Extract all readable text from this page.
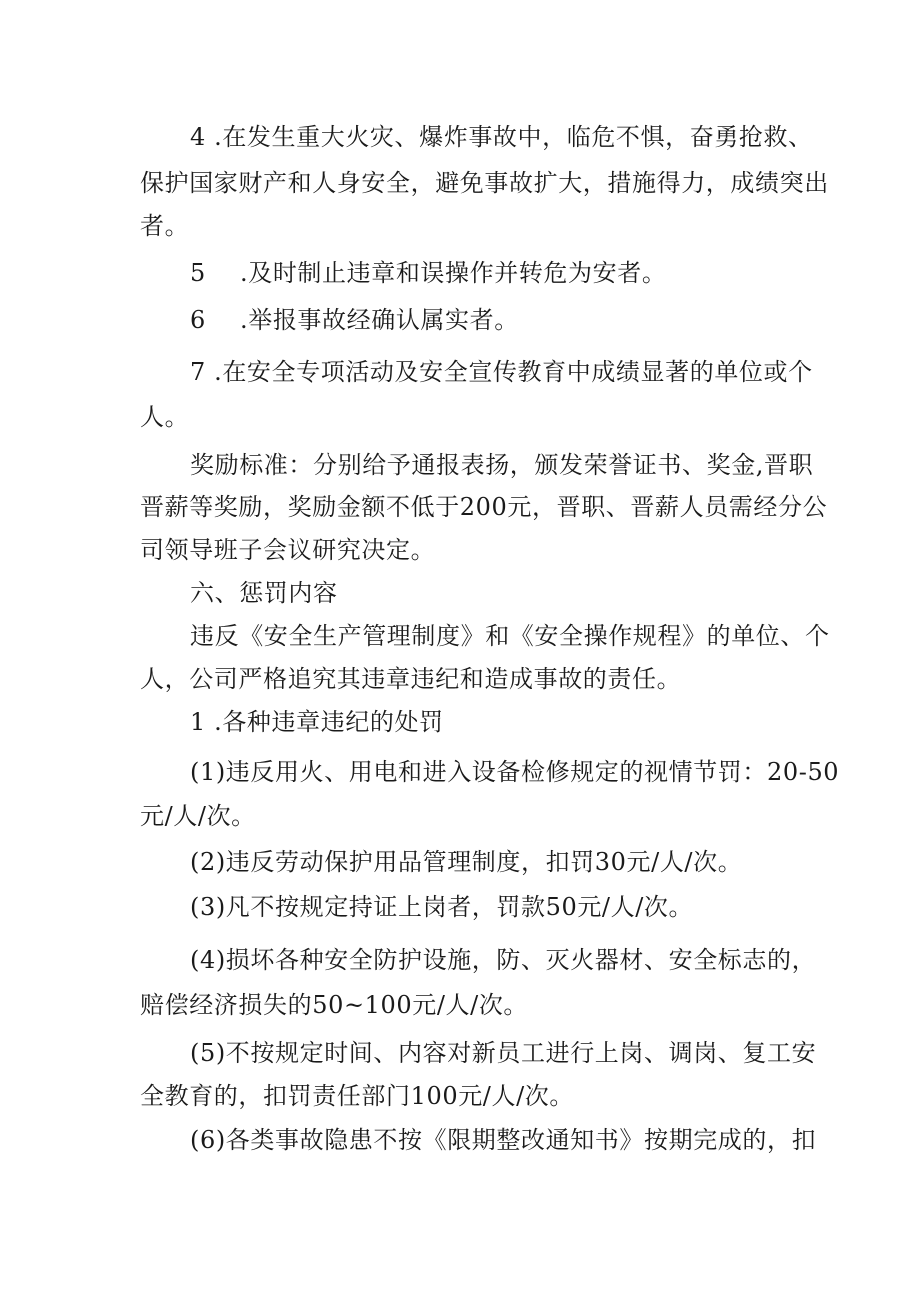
4 .在发生重大火灾、爆炸事故中，临危不惧，奋勇抢救、
保护国家财产和人身安全，避免事故扩大，措施得力，成绩突出
者。
5 .及时制止违章和误操作并转危为安者。
6 .举报事故经确认属实者。
7 .在安全专项活动及安全宣传教育中成绩显著的单位或个
人。
奖励标准：分别给予通报表扬，颁发荣誉证书、奖金,晋职
晋薪等奖励，奖励金额不低于200元，晋职、晋薪人员需经分公
司领导班子会议研究决定。
六、惩罚内容
违反《安全生产管理制度》和《安全操作规程》的单位、个
人，公司严格追究其违章违纪和造成事故的责任。
1 .各种违章违纪的处罚
(1)违反用火、用电和进入设备检修规定的视情节罚：20-50
元/人/次。
(2)违反劳动保护用品管理制度，扣罚30元/人/次。
(3)凡不按规定持证上岗者，罚款50元/人/次。
(4)损坏各种安全防护设施，防、灭火器材、安全标志的，
赔偿经济损失的50~100元/人/次。
(5)不按规定时间、内容对新员工进行上岗、调岗、复工安
全教育的，扣罚责任部门100元/人/次。
(6)各类事故隐患不按《限期整改通知书》按期完成的，扣
